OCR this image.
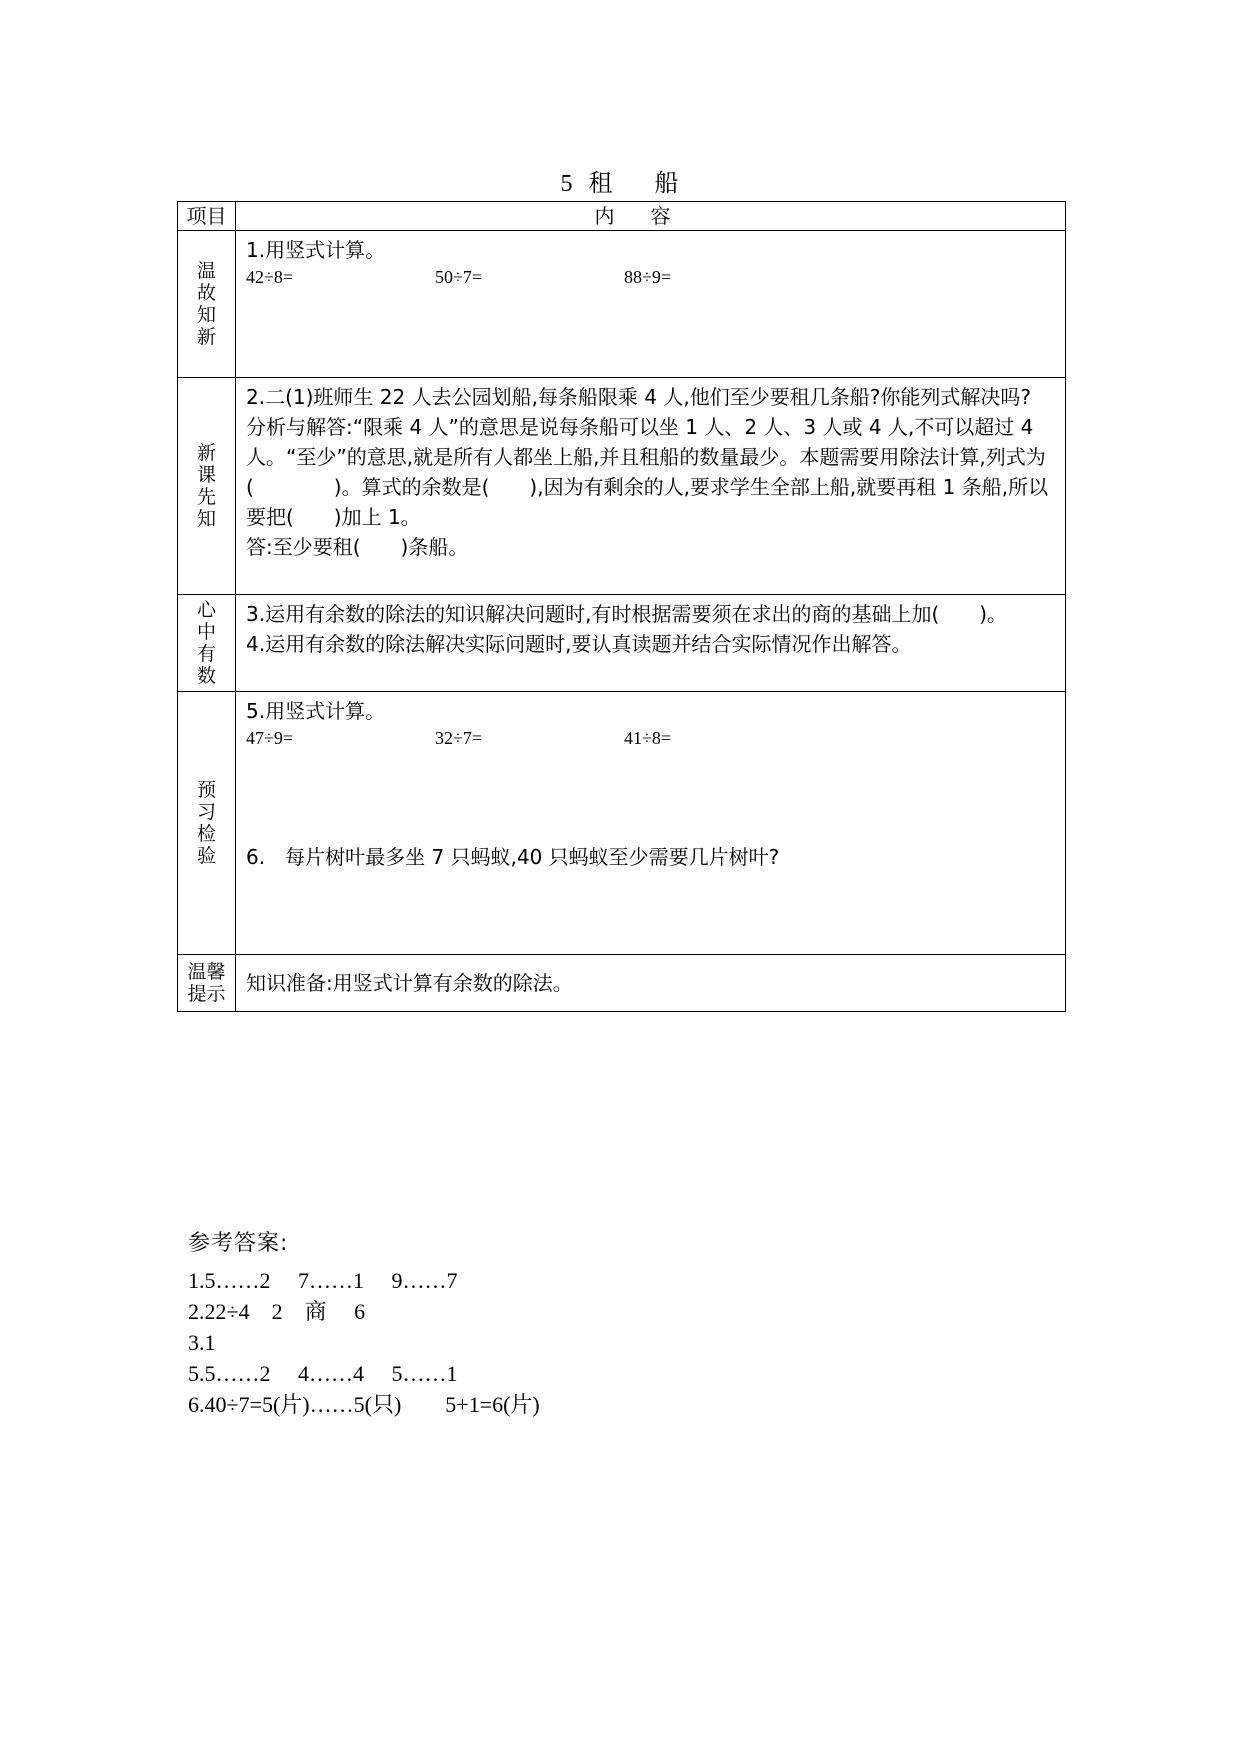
5 租 船
项目	内容

温故知新	1.用竖式计算。

42÷8= 50÷7= 88÷9=

新课先知	2.二(1)班师生 22 人去公园划船,每条船限乘 4 人,他们至少要租几条船?你能列式解决吗?

分析与解答:“限乘 4 人”的意思是说每条船可以坐 1 人、2 人、3 人或 4 人,不可以超过 4 人。“至少”的意思,就是所有人都坐上船,并且租船的数量最少。本题需要用除法计算,列式为(　　　　)。算式的余数是(　　),因为有剩余的人,要求学生全部上船,就要再租 1 条船,所以要把(　　)加上 1。

答:至少要租(　　)条船。

心中有数	3.运用有余数的除法的知识解决问题时,有时根据需要须在求出的商的基础上加(　　)。

4.运用有余数的除法解决实际问题时,要认真读题并结合实际情况作出解答。

预习检验	5.用竖式计算。

47÷9= 32÷7= 41÷8=

6.　每片树叶最多坐 7 只蚂蚁,40 只蚂蚁至少需要几片树叶?

温馨提示	知识准备:用竖式计算有余数的除法。

参考答案:
1.5……2　 7……1　 9……7
2.22÷4　2　商　 6
3.1
5.5……2　 4……4　 5……1
6.40÷7=5(片)……5(只)　　5+1=6(片)
